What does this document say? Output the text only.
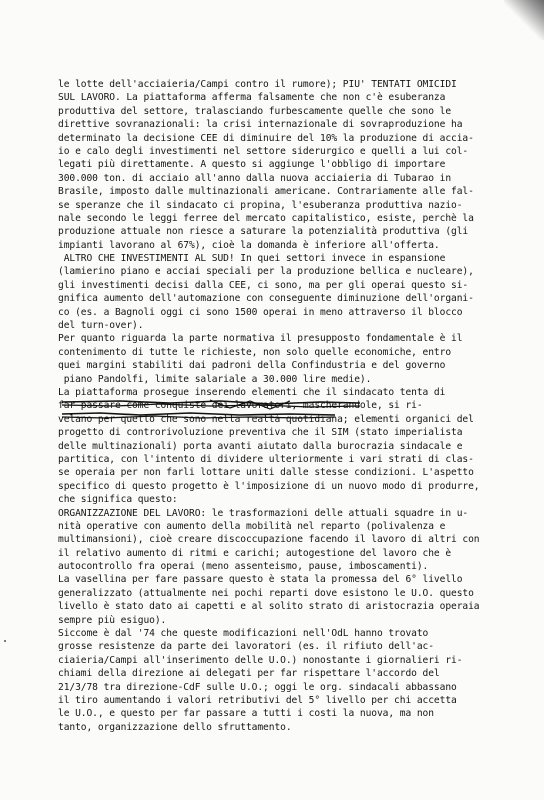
le lotte dell'acciaieria/Campi contro il rumore); PIU' TENTATI OMICIDI
SUL LAVORO. La piattaforma afferma falsamente che non c'è esuberanza
produttiva del settore, tralasciando furbescamente quelle che sono le
direttive sovranazionali: la crisi internazionale di sovraproduzione ha
determinato la decisione CEE di diminuire del 10% la produzione di accia-
io e calo degli investimenti nel settore siderurgico e quelli a lui col-
legati più direttamente. A questo si aggiunge l'obbligo di importare
300.000 ton. di acciaio all'anno dalla nuova acciaieria di Tubarao in
Brasile, imposto dalle multinazionali americane. Contrariamente alle fal-
se speranze che il sindacato ci propina, l'esuberanza produttiva nazio-
nale secondo le leggi ferree del mercato capitalistico, esiste, perchè la
produzione attuale non riesce a saturare la potenzialità produttiva (gli
impianti lavorano al 67%), cioè la domanda è inferiore all'offerta.
ALTRO CHE INVESTIMENTI AL SUD! In quei settori invece in espansione
(lamierino piano e acciai speciali per la produzione bellica e nucleare),
gli investimenti decisi dalla CEE, ci sono, ma per gli operai questo si-
gnifica aumento dell'automazione con conseguente diminuzione dell'organi-
co (es. a Bagnoli oggi ci sono 1500 operai in meno attraverso il blocco
del turn-over).
Per quanto riguarda la parte normativa il presupposto fondamentale è il
contenimento di tutte le richieste, non solo quelle economiche, entro
quei margini stabiliti dai padroni della Confindustria e del governo
piano Pandolfi, limite salariale a 30.000 lire medie).
La piattaforma prosegue inserendo elementi che il sindacato tenta di
far passare come conquiste dei lavoratori, mascherandole, si ri-
velano per quello che sono nella realtà quotidiana; elementi organici del
progetto di controrivoluzione preventiva che il SIM (stato imperialista
delle multinazionali) porta avanti aiutato dalla burocrazia sindacale e
partitica, con l'intento di dividere ulteriormente i vari strati di clas-
se operaia per non farli lottare uniti dalle stesse condizioni. L'aspetto
specifico di questo progetto è l'imposizione di un nuovo modo di produrre,
che significa questo:
ORGANIZZAZIONE DEL LAVORO: le trasformazioni delle attuali squadre in u-
nità operative con aumento della mobilità nel reparto (polivalenza e
multimansioni), cioè creare discoccupazione facendo il lavoro di altri con
il relativo aumento di ritmi e carichi; autogestione del lavoro che è
autocontrollo fra operai (meno assenteismo, pause, imboscamenti).
La vasellina per fare passare questo è stata la promessa del 6° livello
generalizzato (attualmente nei pochi reparti dove esistono le U.O. questo
livello è stato dato ai capetti e al solito strato di aristocrazia operaia
sempre più esiguo).
Siccome è dal '74 che queste modificazioni nell'OdL hanno trovato
grosse resistenze da parte dei lavoratori (es. il rifiuto dell'ac-
ciaieria/Campi all'inserimento delle U.O.) nonostante i giornalieri ri-
chiami della direzione ai delegati per far rispettare l'accordo del
21/3/78 tra direzione-CdF sulle U.O.; oggi le org. sindacali abbassano
il tiro aumentando i valori retributivi del 5° livello per chi accetta
le U.O., e questo per far passare a tutti i costi la nuova, ma non
tanto, organizzazione dello sfruttamento.
